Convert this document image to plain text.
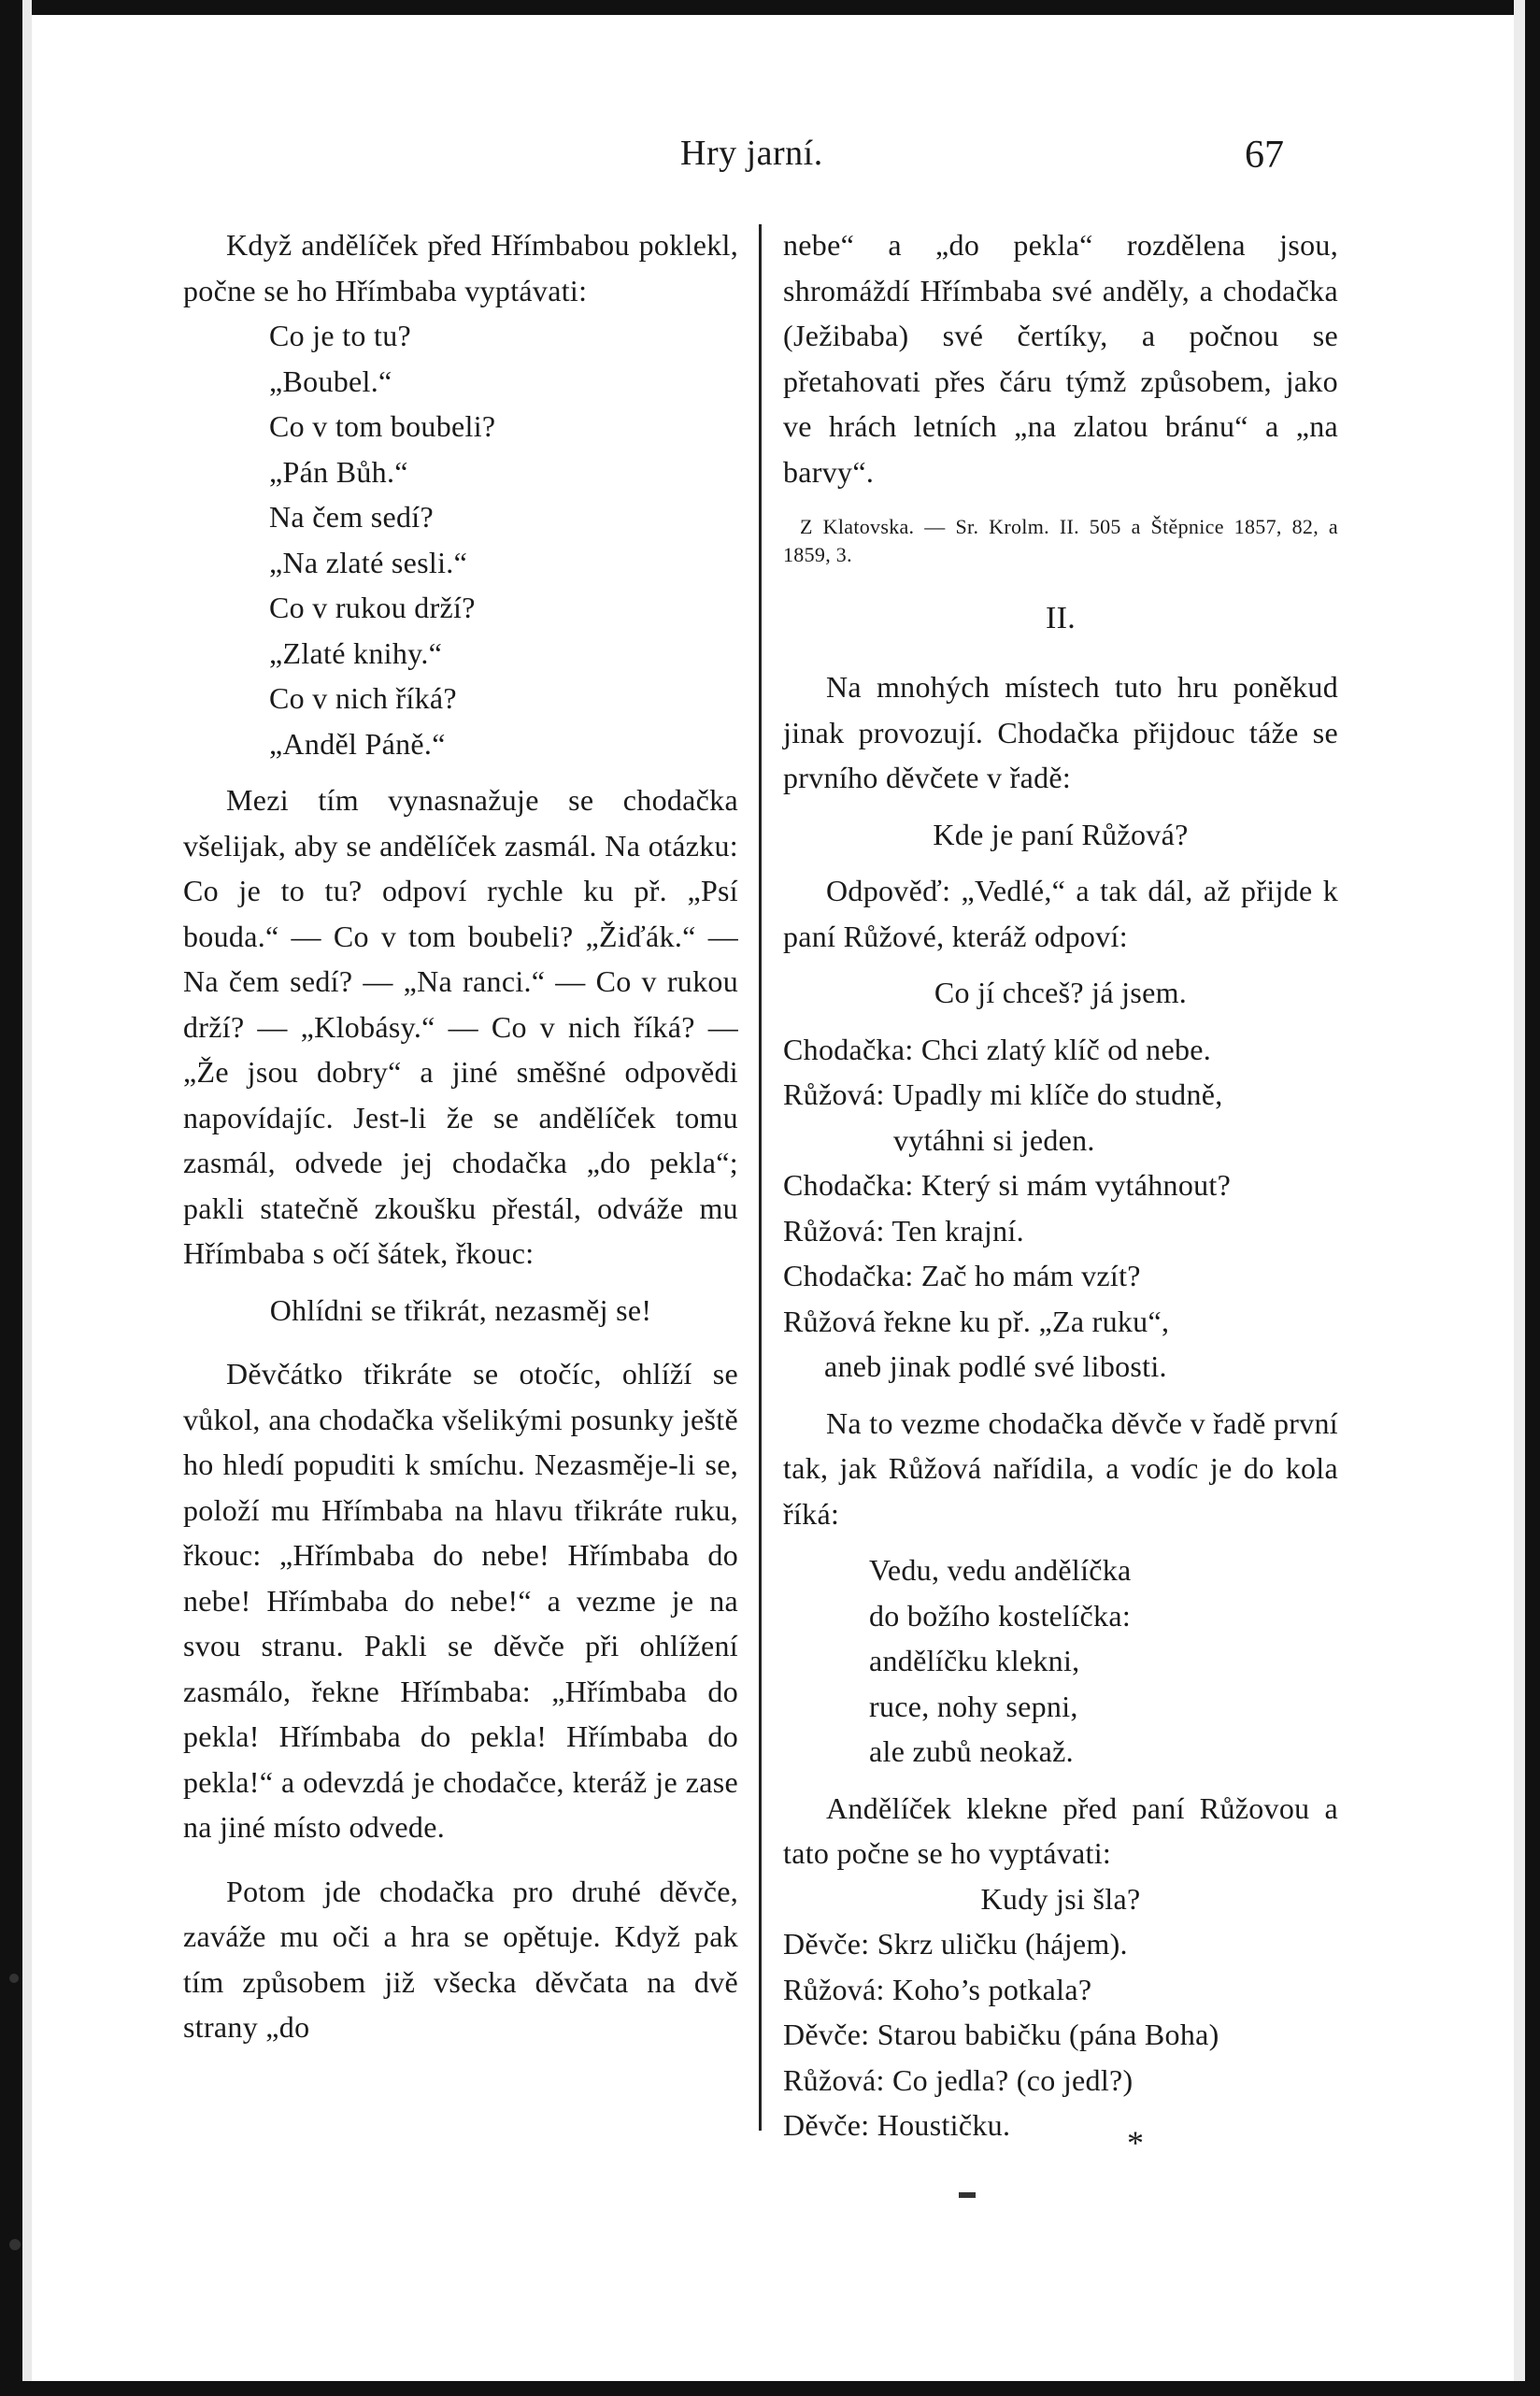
Hry jarní.	67

Když andělíček před Hřímbabou poklekl, počne se ho Hřímbaba vyptávati:

Co je to tu?
„Boubel.“
Co v tom boubeli?
„Pán Bůh.“
Na čem sedí?
„Na zlaté sesli.“
Co v rukou drží?
„Zlaté knihy.“
Co v nich říká?
„Anděl Páně.“

Mezi tím vynasnažuje se chodačka všelijak, aby se andělíček zasmál. Na otázku: Co je to tu? odpoví rychle ku př. „Psí bouda.“ — Co v tom boubeli? „Žiďák.“ — Na čem sedí? — „Na ranci.“ — Co v rukou drží? — „Klobásy.“ — Co v nich říká? — „Že jsou dobry“ a jiné směšné odpovědi napovídajíc. Jest-li že se andělíček tomu zasmál, odvede jej chodačka „do pekla“; pakli statečně zkoušku přestál, odváže mu Hřímbaba s očí šátek, řkouc:

Ohlídni se třikrát, nezasměj se!

Děvčátko třikráte se otočíc, ohlíží se vůkol, ana chodačka všelikými posunky ještě ho hledí popuditi k smíchu. Nezasměje-li se, položí mu Hřímbaba na hlavu třikráte ruku, řkouc: „Hřímbaba do nebe! Hřímbaba do nebe! Hřímbaba do nebe!“ a vezme je na svou stranu. Pakli se děvče při ohlížení zasmálo, řekne Hřímbaba: „Hřímbaba do pekla! Hřímbaba do pekla! Hřímbaba do pekla!“ a odevzdá je chodačce, kteráž je zase na jiné místo odvede.

Potom jde chodačka pro druhé děvče, zaváže mu oči a hra se opětuje. Když pak tím způsobem již všecka děvčata na dvě strany „do

nebe“ a „do pekla“ rozdělena jsou, shromáždí Hřímbaba své anděly, a chodačka (Ježibaba) své čertíky, a počnou se přetahovati přes čáru týmž způsobem, jako ve hrách letních „na zlatou bránu“ a „na barvy“.

Z Klatovska. — Sr. Krolm. II. 505 a Štěpnice 1857, 82, a 1859, 3.

II.

Na mnohých místech tuto hru poněkud jinak provozují. Chodačka přijdouc táže se prvního děvčete v řadě:

Kde je paní Růžová?

Odpověď: „Vedlé,“ a tak dál, až přijde k paní Růžové, kteráž odpoví:

Co jí chceš? já jsem.

Chodačka: Chci zlatý klíč od nebe.
Růžová: Upadly mi klíče do studně,
vytáhni si jeden.
Chodačka: Který si mám vytáhnout?
Růžová: Ten krajní.
Chodačka: Zač ho mám vzít?
Růžová řekne ku př. „Za ruku“,
aneb jinak podlé své libosti.

Na to vezme chodačka děvče v řadě první tak, jak Růžová nařídila, a vodíc je do kola říká:

Vedu, vedu andělíčka
do božího kostelíčka:
andělíčku klekni,
ruce, nohy sepni,
ale zubů neokaž.

Andělíček klekne před paní Růžovou a tato počne se ho vyptávati:

Kudy jsi šla?

Děvče: Skrz uličku (hájem).
Růžová: Koho’s potkala?
Děvče: Starou babičku (pána Boha)
Růžová: Co jedla? (co jedl?)
Děvče: Houstičku.	*
